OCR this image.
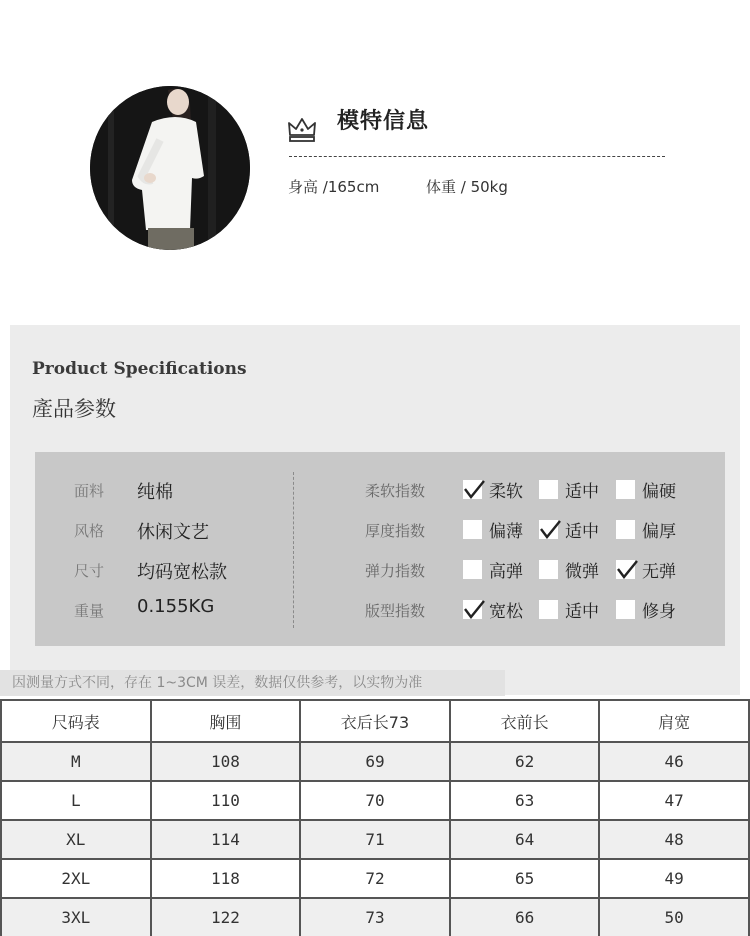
模特信息
身高 /165cm	体重 / 50kg
Product Specifications
產品参数
面料 纯棉
风格 休闲文艺
尺寸 均码宽松款
重量 0.155KG
柔软指数	柔软 适中	偏硬
厚度指数	偏薄 适中	偏厚
弹力指数	高弹 微弹	无弹
版型指数	宽松 适中	修身
因测量方式不同，存在 1~3CM 误差，数据仅供参考，以实物为准
尺码表	胸围	衣后长73	衣前长	肩宽
M	108	69	62	46
L	110	70	63	47
XL	114	71	64	48
2XL	118	72	65	49
3XL	122	73	66	50
